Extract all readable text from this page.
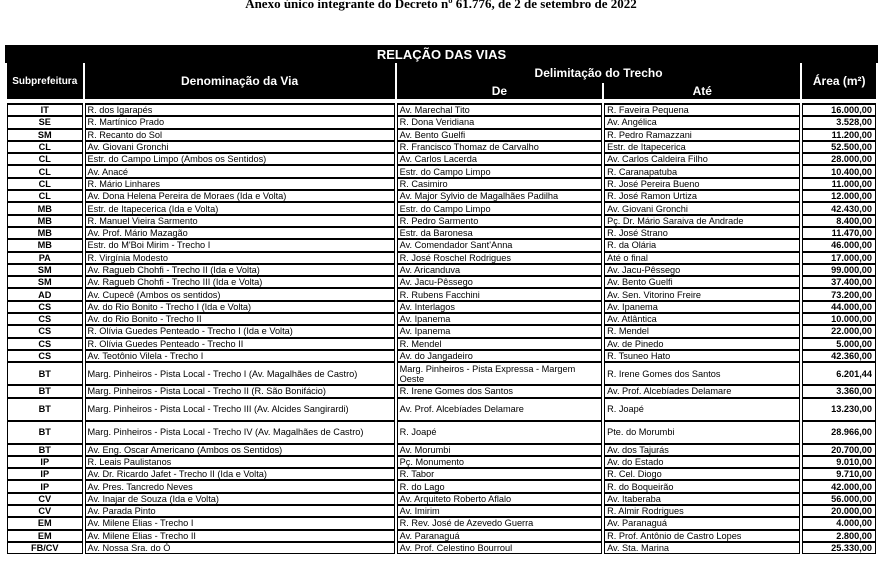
Anexo único integrante do Decreto nº 61.776, de 2 de setembro de 2022
RELAÇÃO DAS VIAS
Subprefeitura	Denominação da Via	Delimitação do Trecho		Área (m²)
		De	Até	

IT	R. dos Igarapés	Av. Marechal Tito	R. Faveira Pequena	16.000,00
SE	R. Martínico Prado	R. Dona Veridiana	Av. Angélica	3.528,00
SM	R. Recanto do Sol	Av. Bento Guelfi	R. Pedro Ramazzani	11.200,00
CL	Av. Giovani Gronchi	R. Francisco Thomaz de Carvalho	Estr. de Itapecerica	52.500,00
CL	Estr. do Campo Limpo (Ambos os Sentidos)	Av. Carlos Lacerda	Av. Carlos Caldeira Filho	28.000,00
CL	Av. Anacé	Estr. do Campo Limpo	R. Caranapatuba	10.400,00
CL	R. Mário Linhares	R. Casimiro	R. José Pereira Bueno	11.000,00
CL	Av. Dona Helena Pereira de Moraes (Ida e Volta)	Av. Major Sylvio de Magalhães Padilha	R. José Ramon Urtiza	12.000,00
MB	Estr. de Itapecerica (Ida e Volta)	Estr. do Campo Limpo	Av. Giovani Gronchi	42.430,00
MB	R. Manuel Vieira Sarmento	R. Pedro Sarmento	Pç. Dr. Mário Saraiva de Andrade	8.400,00
MB	Av. Prof. Mário Mazagão	Estr. da Baronesa	R. José Strano	11.470,00
MB	Estr. do M'Boi Mirim - Trecho I	Av. Comendador Sant'Anna	R. da Olária	46.000,00
PA	R. Virgínia Modesto	R. José Roschel Rodrigues	Até o final	17.000,00
SM	Av. Ragueb Chohfi - Trecho II (Ida e Volta)	Av. Aricanduva	Av. Jacu-Pêssego	99.000,00
SM	Av. Ragueb Chohfi - Trecho III (Ida e Volta)	Av. Jacu-Pêssego	Av. Bento Guelfi	37.400,00
AD	Av. Cupecê (Ambos os sentidos)	R. Rubens Facchini	Av. Sen. Vitorino Freire	73.200,00
CS	Av. do Rio Bonito - Trecho I (Ida e Volta)	Av. Interlagos	Av. Ipanema	44.000,00
CS	Av. do Rio Bonito - Trecho II	Av. Ipanema	Av. Atlântica	10.000,00
CS	R. Olívia Guedes Penteado - Trecho I (Ida e Volta)	Av. Ipanema	R. Mendel	22.000,00
CS	R. Olívia Guedes Penteado - Trecho II	R. Mendel	Av. de Pinedo	5.000,00
CS	Av. Teotônio Vilela - Trecho I	Av. do Jangadeiro	R. Tsuneo Hato	42.360,00
BT	Marg. Pinheiros - Pista Local - Trecho I (Av. Magalhães de Castro)	Marg. Pinheiros - Pista Expressa - Margem Oeste	R. Irene Gomes dos Santos	6.201,44
BT	Marg. Pinheiros - Pista Local - Trecho II (R. São Bonifácio)	R. Irene Gomes dos Santos	Av. Prof. Alcebíades Delamare	3.360,00
BT	Marg. Pinheiros - Pista Local - Trecho III (Av. Alcides Sangirardi)	Av. Prof. Alcebíades Delamare	R. Joapé	13.230,00
BT	Marg. Pinheiros - Pista Local - Trecho IV (Av. Magalhães de Castro)	R. Joapé	Pte. do Morumbi	28.966,00
BT	Av. Eng. Oscar Americano (Ambos os Sentidos)	Av. Morumbi	Av. dos Tajurás	20.700,00
IP	R. Leais Paulistanos	Pç. Monumento	Av. do Estado	9.010,00
IP	Av. Dr. Ricardo Jafet - Trecho II (Ida e Volta)	R. Tabor	R. Cel. Diogo	9.710,00
IP	Av. Pres. Tancredo Neves	R. do Lago	R. do Boqueirão	42.000,00
CV	Av. Inajar de Souza (Ida e Volta)	Av. Arquiteto Roberto Aflalo	Av. Itaberaba	56.000,00
CV	Av. Parada Pinto	Av. Imirim	R. Almir Rodrigues	20.000,00
EM	Av. Milene Elias - Trecho I	R. Rev. José de Azevedo Guerra	Av. Paranaguá	4.000,00
EM	Av. Milene Elias - Trecho II	Av. Paranaguá	R. Prof. Antônio de Castro Lopes	2.800,00
FB/CV	Av. Nossa Sra. do Ó	Av. Prof. Celestino Bourroul	Av. Sta. Marina	25.330,00
